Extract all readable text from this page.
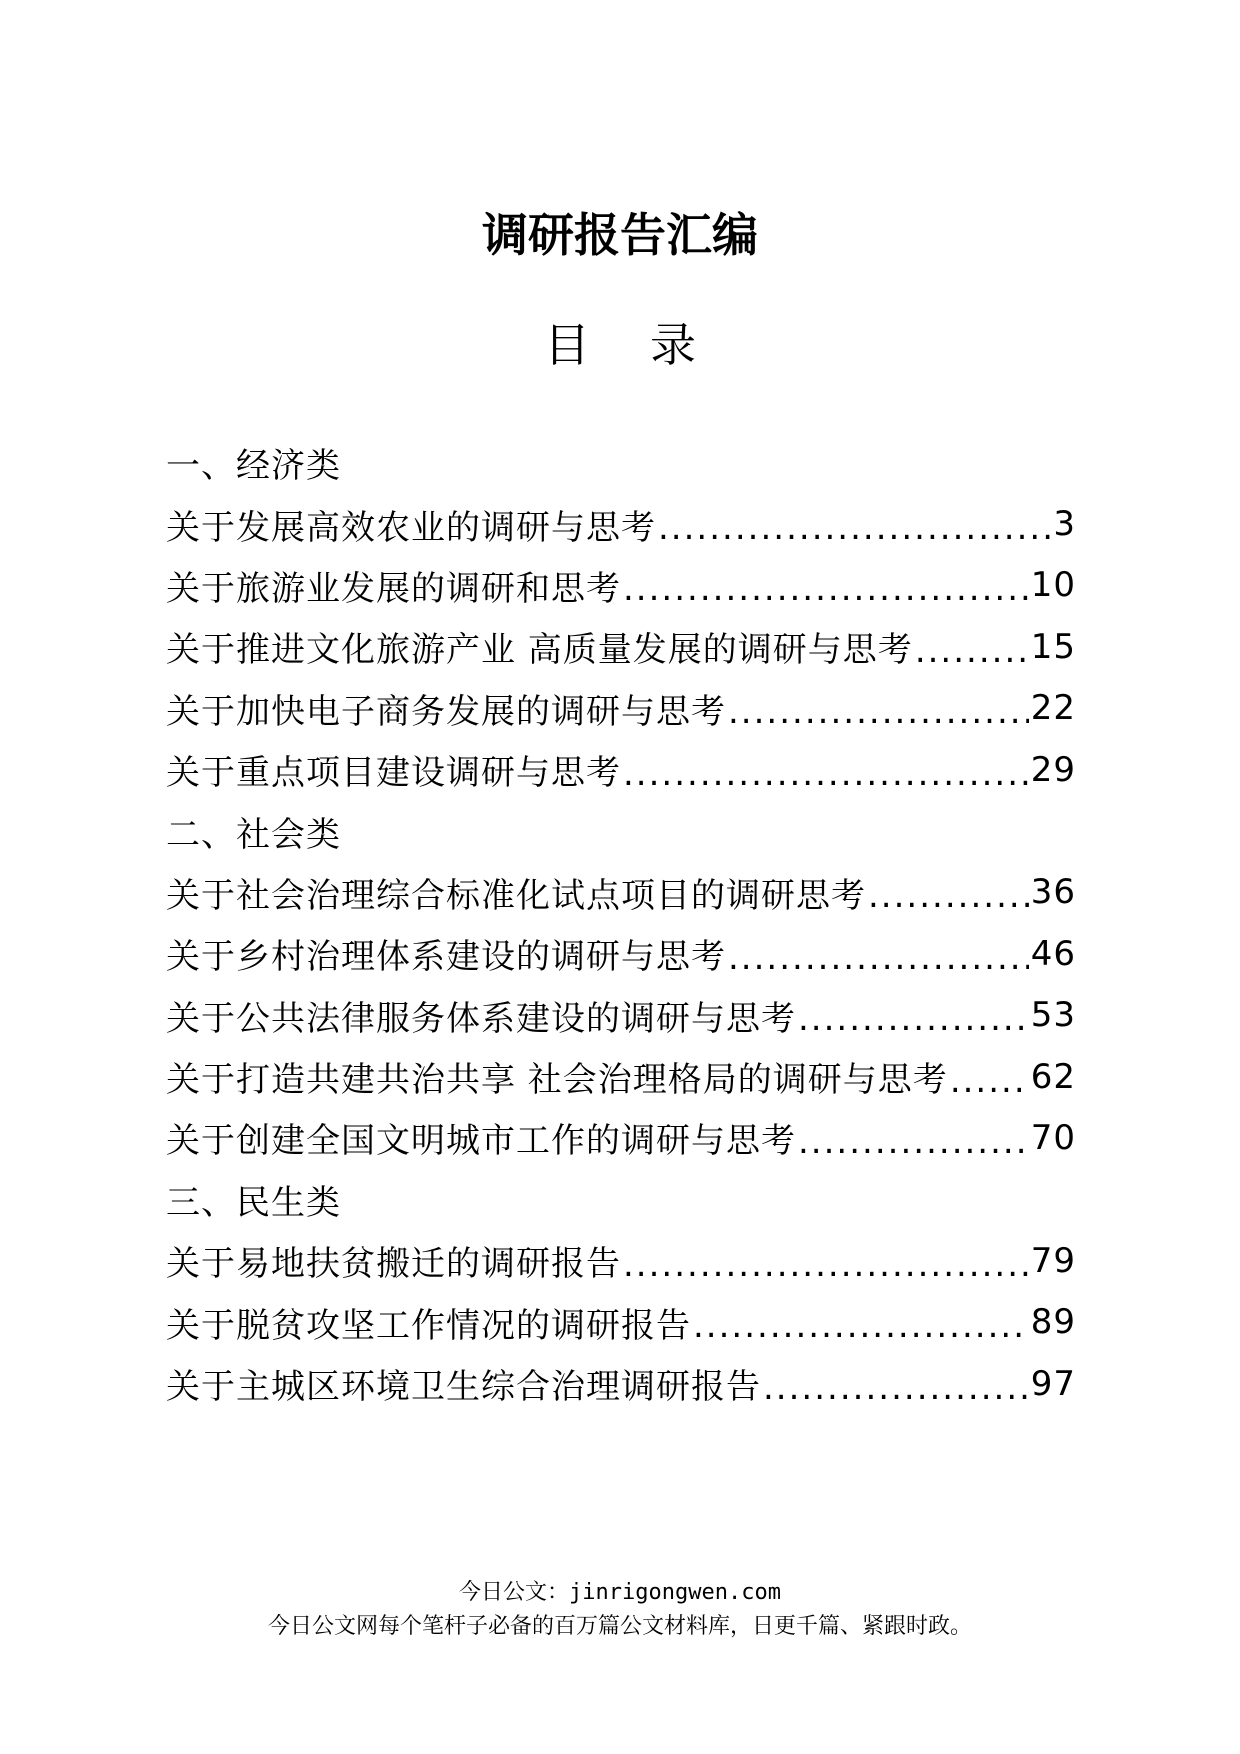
调研报告汇编
目 录
一、经济类
关于发展高效农业的调研与思考 .....	3
关于旅游业发展的调研和思考 .....	10
关于推进文化旅游产业 高质量发展的调研与思考 .....	15
关于加快电子商务发展的调研与思考 .....	22
关于重点项目建设调研与思考 .....	29
二、社会类
关于社会治理综合标准化试点项目的调研思考 .....	36
关于乡村治理体系建设的调研与思考 .....	46
关于公共法律服务体系建设的调研与思考 .....	53
关于打造共建共治共享 社会治理格局的调研与思考 ..... 62
关于创建全国文明城市工作的调研与思考 .....	70
三、民生类
关于易地扶贫搬迁的调研报告 .....	79
关于脱贫攻坚工作情况的调研报告 .....	89
关于主城区环境卫生综合治理调研报告 .....	97
今日公文：jinrigongwen.com
今日公文网每个笔杆子必备的百万篇公文材料库，日更千篇、紧跟时政。
